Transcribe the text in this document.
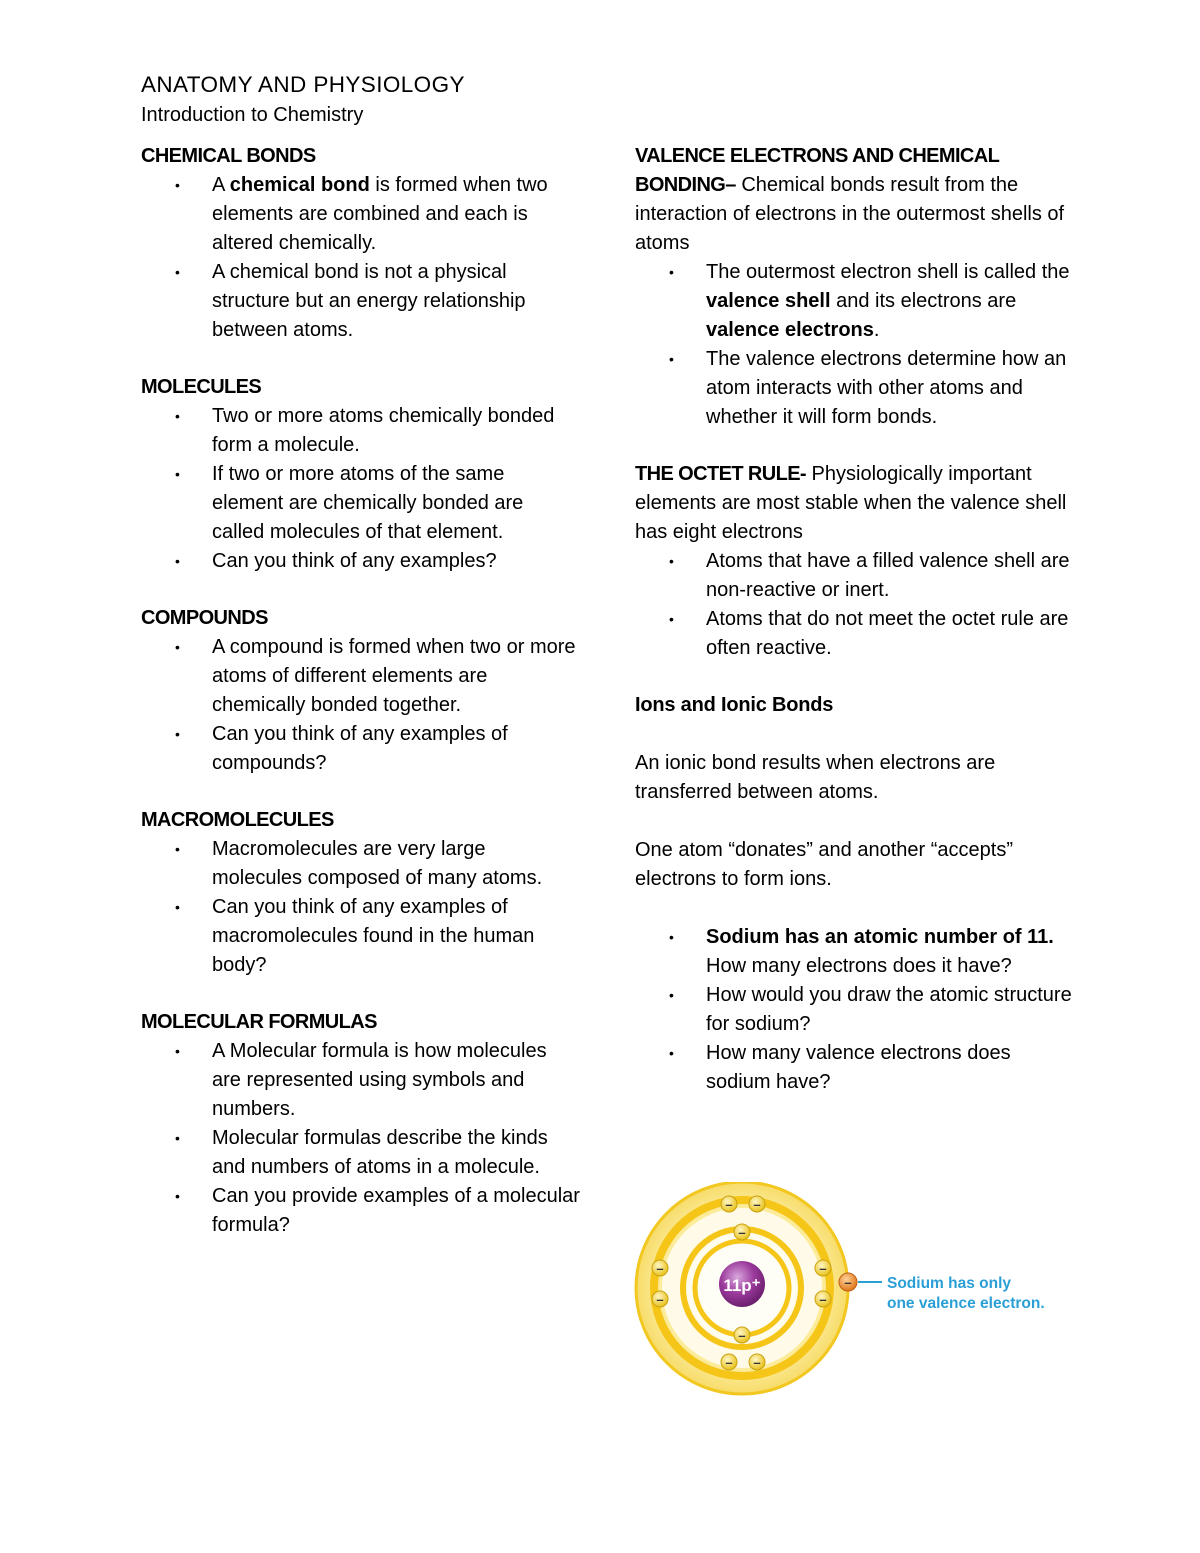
ANATOMY AND PHYSIOLOGY

Introduction to Chemistry

CHEMICAL BONDS
• A chemical bond is formed when two elements are combined and each is altered chemically.
• A chemical bond is not a physical structure but an energy relationship between atoms.
MOLECULES
• Two or more atoms chemically bonded form a molecule.
• If two or more atoms of the same element are chemically bonded are called molecules of that element.
• Can you think of any examples?
COMPOUNDS
• A compound is formed when two or more atoms of different elements are chemically bonded together.
• Can you think of any examples of compounds?
MACROMOLECULES
• Macromolecules are very large molecules composed of many atoms.
• Can you think of any examples of macromolecules found in the human body?
MOLECULAR FORMULAS
• A Molecular formula is how molecules are represented using symbols and numbers.
• Molecular formulas describe the kinds and numbers of atoms in a molecule.
• Can you provide examples of a molecular formula?

VALENCE ELECTRONS AND CHEMICAL BONDING– Chemical bonds result from the interaction of electrons in the outermost shells of atoms

• The outermost electron shell is called the valence shell and its electrons are valence electrons.
• The valence electrons determine how an atom interacts with other atoms and whether it will form bonds.

THE OCTET RULE- Physiologically important elements are most stable when the valence shell has eight electrons

• Atoms that have a filled valence shell are non-reactive or inert.
• Atoms that do not meet the octet rule are often reactive.
Ions and Ionic Bonds

An ionic bond results when electrons are transferred between atoms.

One atom “donates” and another “accepts” electrons to form ions.

• Sodium has an atomic number of 11.  How many electrons does it have?
• How would you draw the atomic structure for sodium?
• How many valence electrons does sodium have?
11p⁺
– –
–
–
–
–
–
–
– –
– Sodium has only
one valence electron.
